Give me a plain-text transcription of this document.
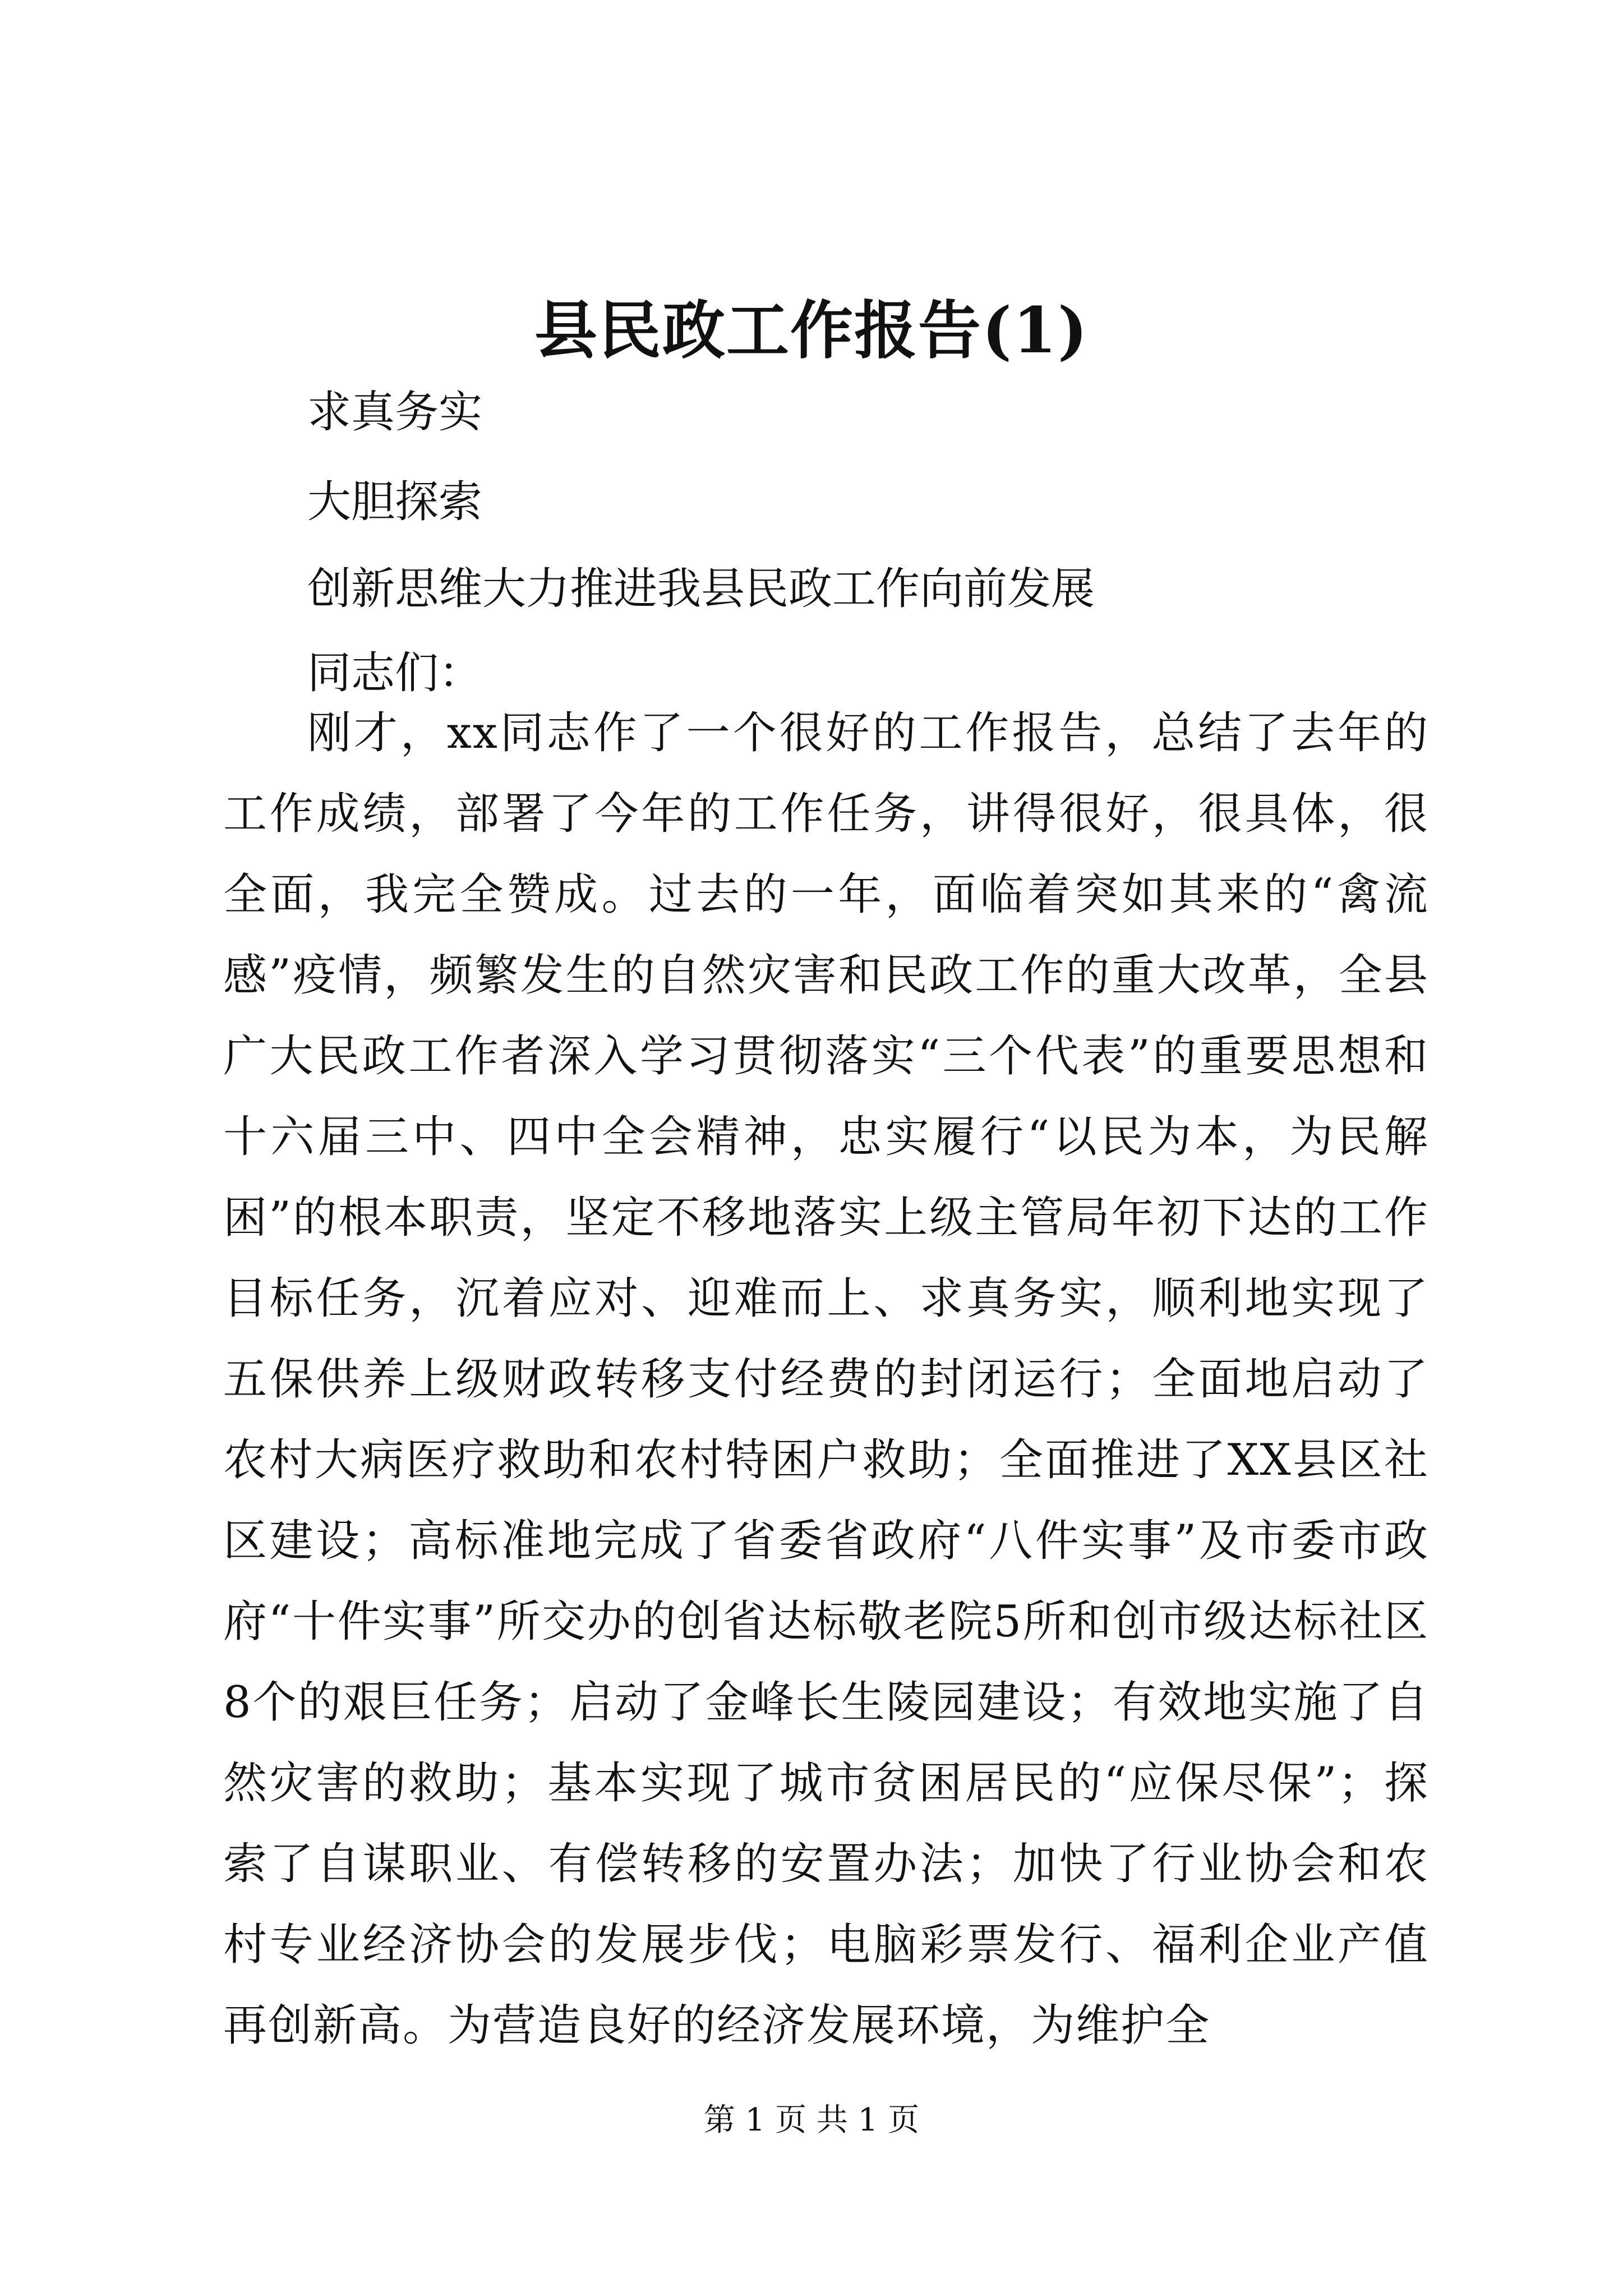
县民政工作报告(1)

求真务实

大胆探索

创新思维大力推进我县民政工作向前发展

同志们：

刚才，xx同志作了一个很好的工作报告，总结了去年的工作成绩，部署了今年的工作任务，讲得很好，很具体，很全面，我完全赞成。过去的一年，面临着突如其来的“禽流感”疫情，频繁发生的自然灾害和民政工作的重大改革，全县广大民政工作者深入学习贯彻落实“三个代表”的重要思想和十六届三中、四中全会精神，忠实履行“以民为本，为民解困”的根本职责，坚定不移地落实上级主管局年初下达的工作目标任务，沉着应对、迎难而上、求真务实，顺利地实现了五保供养上级财政转移支付经费的封闭运行；全面地启动了农村大病医疗救助和农村特困户救助；全面推进了XX县区社区建设；高标准地完成了省委省政府“八件实事”及市委市政府“十件实事”所交办的创省达标敬老院5所和创市级达标社区8个的艰巨任务；启动了金峰长生陵园建设；有效地实施了自然灾害的救助；基本实现了城市贫困居民的“应保尽保”；探索了自谋职业、有偿转移的安置办法；加快了行业协会和农村专业经济协会的发展步伐；电脑彩票发行、福利企业产值再创新高。为营造良好的经济发展环境，为维护全

第 1 页 共 1 页
